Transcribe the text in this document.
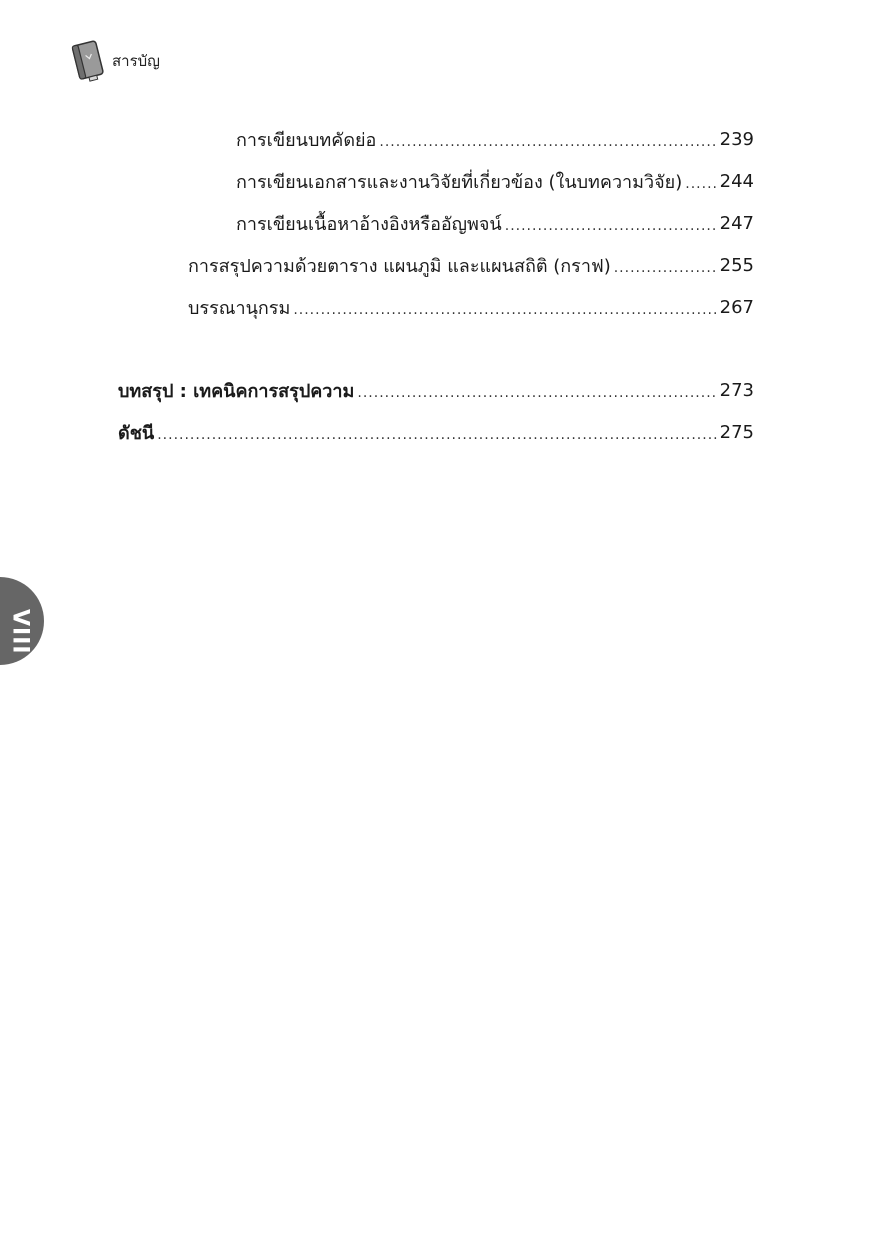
สารบัญ
การเขียนบทคัดย่อ .....	239
การเขียนเอกสารและงานวิจัยที่เกี่ยวข้อง (ในบทความวิจัย) ..... 244
การเขียนเนื้อหาอ้างอิงหรืออัญพจน์ .....	247
การสรุปความด้วยตาราง แผนภูมิ และแผนสถิติ (กราฟ) .....	255
บรรณานุกรม .....	267
บทสรุป : เทคนิคการสรุปความ .....	273
ดัชนี .....	275
VIII
